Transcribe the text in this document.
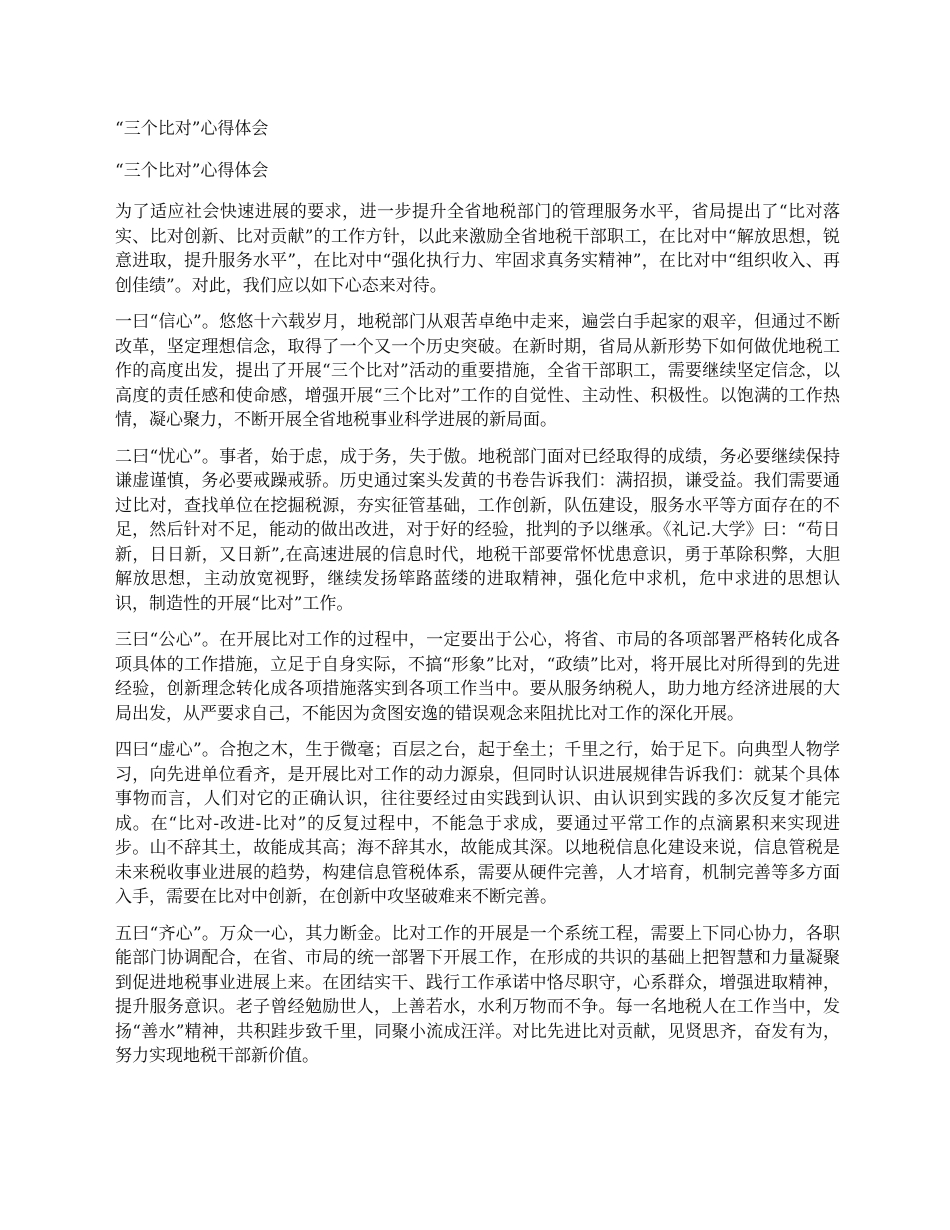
“三个比对”心得体会
“三个比对”心得体会

为了适应社会快速进展的要求，进一步提升全省地税部门的管理服务水平，省局提出了“比对落实、比对创新、比对贡献”的工作方针，以此来激励全省地税干部职工，在比对中“解放思想，锐意进取，提升服务水平”，在比对中“强化执行力、牢固求真务实精神”，在比对中“组织收入、再创佳绩”。对此，我们应以如下心态来对待。

一曰“信心”。悠悠十六载岁月，地税部门从艰苦卓绝中走来，遍尝白手起家的艰辛，但通过不断改革，坚定理想信念，取得了一个又一个历史突破。在新时期，省局从新形势下如何做优地税工作的高度出发，提出了开展“三个比对”活动的重要措施，全省干部职工，需要继续坚定信念，以高度的责任感和使命感，增强开展“三个比对”工作的自觉性、主动性、积极性。以饱满的工作热情，凝心聚力，不断开展全省地税事业科学进展的新局面。

二曰“忧心”。事者，始于虑，成于务，失于傲。地税部门面对已经取得的成绩，务必要继续保持谦虚谨慎，务必要戒躁戒骄。历史通过案头发黄的书卷告诉我们：满招损，谦受益。我们需要通过比对，查找单位在挖掘税源，夯实征管基础，工作创新，队伍建设，服务水平等方面存在的不足，然后针对不足，能动的做出改进，对于好的经验，批判的予以继承。《礼记.大学》曰：“苟日新，日日新，又日新”,在高速进展的信息时代，地税干部要常怀忧患意识，勇于革除积弊，大胆解放思想，主动放宽视野，继续发扬筚路蓝缕的进取精神，强化危中求机，危中求进的思想认识，制造性的开展“比对”工作。

三曰“公心”。在开展比对工作的过程中，一定要出于公心，将省、市局的各项部署严格转化成各项具体的工作措施，立足于自身实际，不搞“形象”比对，“政绩”比对，将开展比对所得到的先进经验，创新理念转化成各项措施落实到各项工作当中。要从服务纳税人，助力地方经济进展的大局出发，从严要求自己，不能因为贪图安逸的错误观念来阻扰比对工作的深化开展。

四曰“虚心”。合抱之木，生于微毫；百层之台，起于垒土；千里之行，始于足下。向典型人物学习，向先进单位看齐，是开展比对工作的动力源泉，但同时认识进展规律告诉我们：就某个具体事物而言，人们对它的正确认识，往往要经过由实践到认识、由认识到实践的多次反复才能完成。在“比对-改进-比对”的反复过程中，不能急于求成，要通过平常工作的点滴累积来实现进步。山不辞其土，故能成其高；海不辞其水，故能成其深。以地税信息化建设来说，信息管税是未来税收事业进展的趋势，构建信息管税体系，需要从硬件完善，人才培育，机制完善等多方面入手，需要在比对中创新，在创新中攻坚破难来不断完善。

五曰“齐心”。万众一心，其力断金。比对工作的开展是一个系统工程，需要上下同心协力，各职能部门协调配合，在省、市局的统一部署下开展工作，在形成的共识的基础上把智慧和力量凝聚到促进地税事业进展上来。在团结实干、践行工作承诺中恪尽职守，心系群众，增强进取精神，提升服务意识。老子曾经勉励世人，上善若水，水利万物而不争。每一名地税人在工作当中，发扬“善水”精神，共积跬步致千里，同聚小流成汪洋。对比先进比对贡献，见贤思齐，奋发有为，努力实现地税干部新价值。
